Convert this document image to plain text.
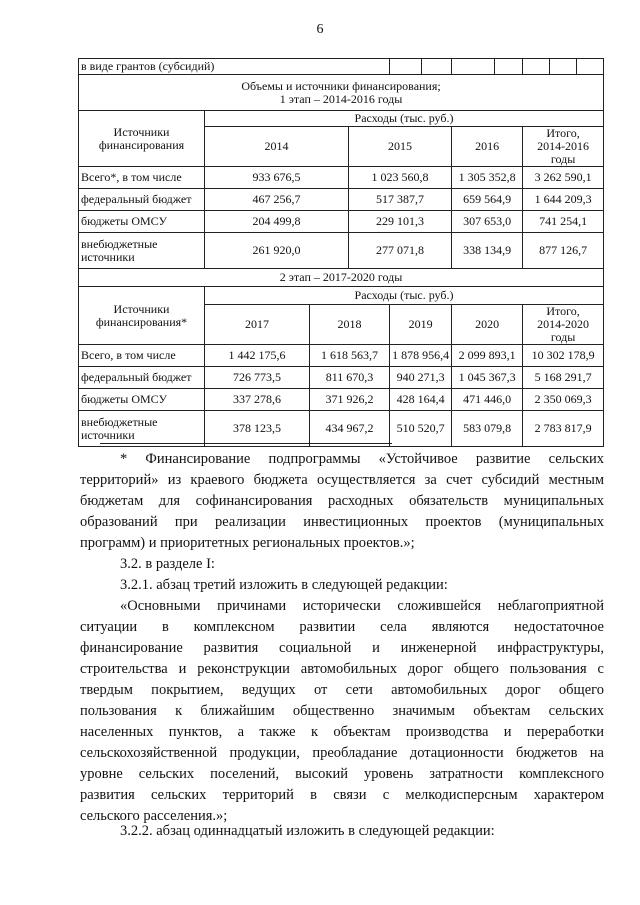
6
в виде грантов (субсидий)										

Объемы и источники финансирования;
1 этап – 2014-2016 годы										

Источники
финансирования	Расходы (тыс. руб.)									
	2014		2015			2016		Итого,
2014-2016 годы		

Всего*, в том числе	933 676,5		1 023 560,8			1 305 352,8		3 262 590,1		
федеральный бюджет	467 256,7		517 387,7			659 564,9		1 644 209,3		
бюджеты ОМСУ	204 499,8		229 101,3			307 653,0		741 254,1		

внебюджетные
источники	261 920,0		277 071,8			338 134,9		877 126,7		
2 этап – 2017-2020 годы										

Источники
финансирования*	Расходы (тыс. руб.)									
	2017	2018		2019		2020		Итого,
2014-2020 годы		

Всего, в том числе	1 442 175,6	1 618 563,7		1 878 956,4		2 099 893,1		10 302 178,9		
федеральный бюджет	726 773,5	811 670,3		940 271,3		1 045 367,3		5 168 291,7		
бюджеты ОМСУ	337 278,6	371 926,2		428 164,4		471 446,0		2 350 069,3		

внебюджетные
источники	378 123,5	434 967,2		510 520,7		583 079,8		2 783 817,9		
* Финансирование подпрограммы «Устойчивое развитие сельских
территорий» из краевого бюджета осуществляется за счет субсидий местным
бюджетам для софинансирования расходных обязательств муниципальных
образований при реализации инвестиционных проектов (муниципальных
программ) и приоритетных региональных проектов.»;
3.2. в разделе I:
3.2.1. абзац третий изложить в следующей редакции:
«Основными причинами исторически сложившейся неблагоприятной
ситуации в комплексном развитии села являются недостаточное
финансирование развития социальной и инженерной инфраструктуры,
строительства и реконструкции автомобильных дорог общего пользования с
твердым покрытием, ведущих от сети автомобильных дорог общего
пользования к ближайшим общественно значимым объектам сельских
населенных пунктов, а также к объектам производства и переработки
сельскохозяйственной продукции, преобладание дотационности бюджетов на
уровне сельских поселений, высокий уровень затратности комплексного
развития сельских территорий в связи с мелкодисперсным характером
сельского расселения.»;
3.2.2. абзац одиннадцатый изложить в следующей редакции:
